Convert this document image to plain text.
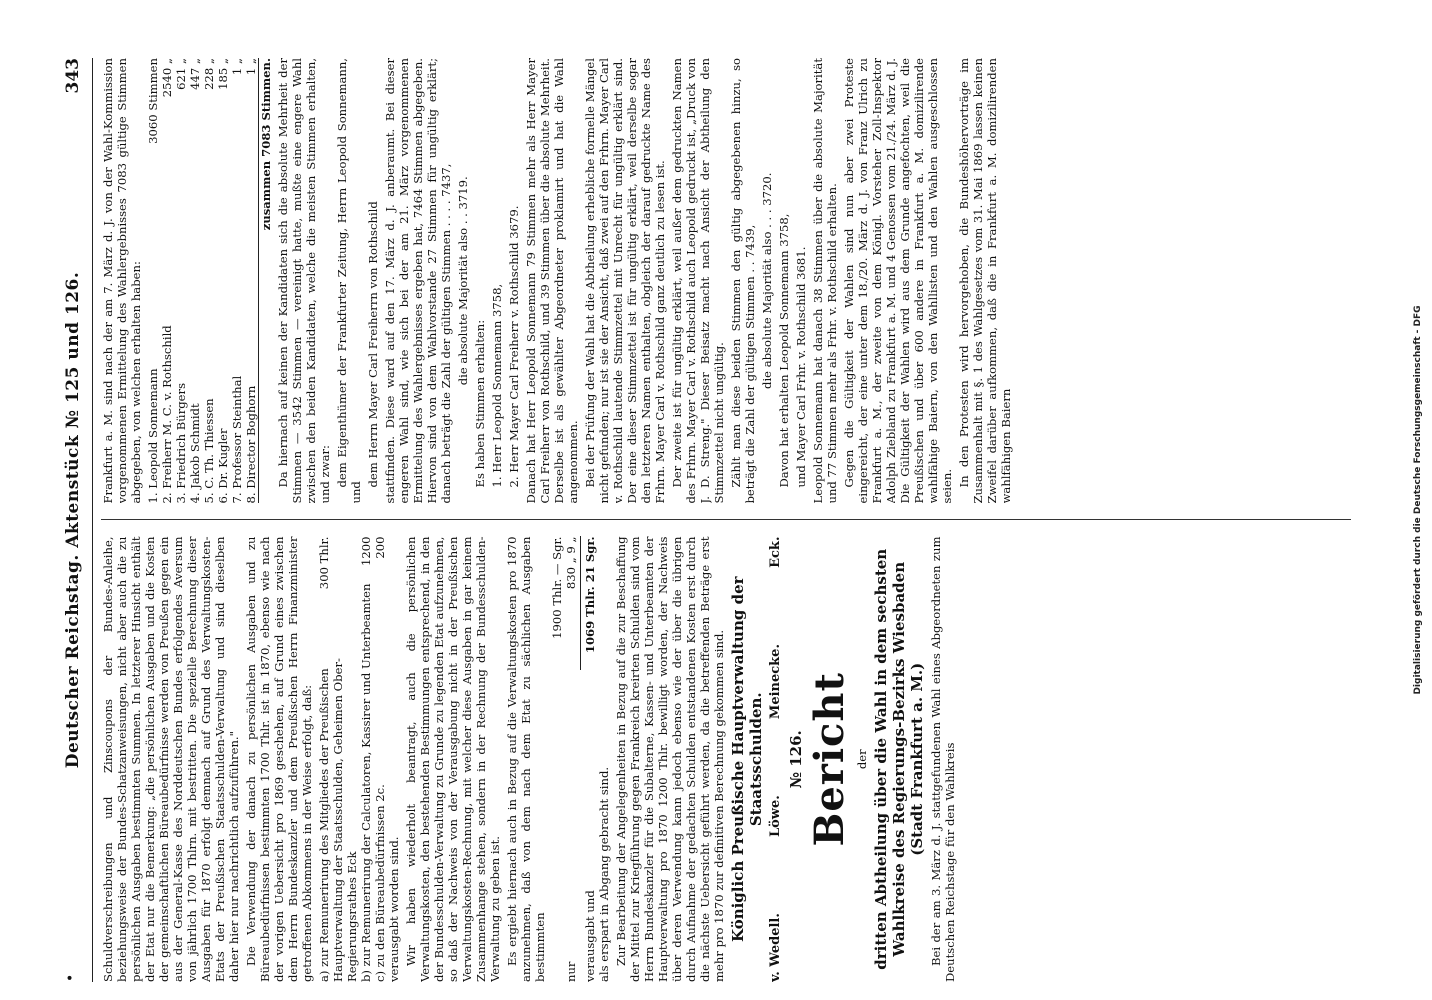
•
Deutscher Reichstag. Aktenstück № 125 und 126.
343

Schuldverschreibungen und Zinscoupons der Bundes-Anleihe, beziehungsweise der Bundes-Schatzanweisungen, nicht aber auch die zu persönlichen Ausgaben bestimmten Summen. In letzterer Hinsicht enthält der Etat nur die Bemerkung: „die persönlichen Ausgaben und die Kosten der gemeinschaftlichen Büreaubedürfnisse werden von Preußen gegen ein aus der General-Kasse des Norddeutschen Bundes erfolgendes Aversum von jährlich 1700 Thlrn. mit bestritten. Die spezielle Berechnung dieser Ausgaben für 1870 erfolgt demnach auf Grund des Verwaltungskosten-Etats der Preußischen Staatsschulden-Verwaltung und sind dieselben daher hier nur nachrichtlich aufzuführen." Die Verwendung der danach zu persönlichen Ausgaben und zu Büreaubedürfnissen bestimmten 1700 Thlr. ist in 1870, ebenso wie nach der vorigen Uebersicht pro 1869 geschehen, auf Grund eines zwischen dem Herrn Bundeskanzler und dem Preußischen Herrn Finanzminister getroffenen Abkommens in der Weise erfolgt, daß: a) zur Remunerirung des Mitgliedes der Preußischen Hauptverwaltung der Staatsschulden, Geheimen Ober-Regierungsrathes Eck
300 Thlr.
b) zur Remunerirung der Calculatoren, Kassirer und Unterbeamten
1200
c) zu den Büreaubedürfnissen 2c.
200

verausgabt worden sind. Wir haben wiederholt beantragt, auch die persönlichen Verwaltungskosten, den bestehenden Bestimmungen entsprechend, in den der Bundesschulden-Verwaltung zu Grunde zu legenden Etat aufzunehmen, so daß der Nachweis von der Verausgabung nicht in der Preußischen Verwaltungskosten-Rechnung, mit welcher diese Ausgaben in gar keinem Zusammenhange stehen, sondern in der Rechnung der Bundesschulden-Verwaltung zu geben ist. Es ergiebt hiernach auch in Bezug auf die Verwaltungskosten pro 1870 anzunehmen, daß von dem nach dem Etat zu sächlichen Ausgaben bestimmten

1900 Thlr. — Sgr.
nur
830 „ 9 „
verausgabt und
1069 Thlr. 21 Sgr.

als erspart in Abgang gebracht sind. Zur Bearbeitung der Angelegenheiten in Bezug auf die zur Beschaffung der Mittel zur Kriegführung gegen Frankreich kreirten Schulden sind vom Herrn Bundeskanzler für die Subalterne, Kassen- und Unterbeamten der Hauptverwaltung pro 1870 1200 Thlr. bewilligt worden, der Nachweis über deren Verwendung kann jedoch ebenso wie der über die übrigen durch Aufnahme der gedachten Schulden entstandenen Kosten erst durch die nächste Uebersicht geführt werden, da die betreffenden Beträge erst mehr pro 1870 zur definitiven Berechnung gekommen sind. Königlich Preußische Hauptverwaltung der Staatsschulden.

v. Wedell.
Löwe.
Meinecke.
Eck.

№ 126. Bericht der dritten Abtheilung über die Wahl in dem sechsten Wahlkreise des Regierungs-Bezirks Wiesbaden (Stadt Frankfurt a. M.) Bei der am 3. März d. J. stattgefundenen Wahl eines Abgeordneten zum Deutschen Reichstage für den Wahlkreis

Frankfurt a. M. sind nach der am 7. März d. J. von der Wahl-Kommission vorgenommenen Ermittelung des Wahlergebnisses 7083 gültige Stimmen abgegeben, von welchen erhalten haben: 1. Leopold Sonnemann	3060 Stimmen
2. Freiherr M. C. v. Rothschild	2540 „
3. Friedrich Bürgers	621 „
4. Jakob Schmidt	447 „
5. C. Th. Thiessen	228 „
6. Dr. Kugler	185 „
7. Professor Steinthal	1 „
8. Director Boghorn	1 „ zusammen 7083 Stimmen. Da hiernach auf keinen der Kandidaten sich die absolute Mehrheit der Stimmen — 3542 Stimmen — vereinigt hatte, mußte eine engere Wahl zwischen den beiden Kandidaten, welche die meisten Stimmen erhalten, und zwar: dem Eigenthümer der Frankfurter Zeitung, Herrn Leopold Sonnemann, und

dem Herrn Mayer Carl Freiherrn von Rothschild stattfinden. Diese ward auf den 17. März d. J. anberaumt. Bei dieser engeren Wahl sind, wie sich bei der am 21. März vorgenommenen Ermittelung des Wahlergebnisses ergeben hat, 7464 Stimmen abgegeben. Hiervon sind von dem Wahlvorstande 27 Stimmen für ungültig erklärt; danach beträgt die Zahl der gültigen Stimmen . . . . 7437, die absolute Majorität also . . 3719.

Es haben Stimmen erhalten: 1. Herr Leopold Sonnemann 3758, 2. Herr Mayer Carl Freiherr v. Rothschild 3679. Danach hat Herr Leopold Sonnemann 79 Stimmen mehr als Herr Mayer Carl Freiherr von Rothschild, und 39 Stimmen über die absolute Mehrheit. Derselbe ist als gewählter Abgeordneter proklamirt und hat die Wahl angenommen. Bei der Prüfung der Wahl hat die Abtheilung erhebliche formelle Mängel nicht gefunden; nur ist sie der Ansicht, daß zwei auf den Frhrn. Mayer Carl v. Rothschild lautende Stimmzettel mit Unrecht für ungültig erklärt sind. Der eine dieser Stimmzettel ist für ungültig erklärt, weil derselbe sogar den letzteren Namen enthalten, obgleich der darauf gedruckte Name des Frhrn. Mayer Carl v. Rothschild ganz deutlich zu lesen ist. Der zweite ist für ungültig erklärt, weil außer dem gedruckten Namen des Frhrn. Mayer Carl v. Rothschild auch Leopold gedruckt ist, „Druck von J. D. Streng." Dieser Beisatz macht nach Ansicht der Abtheilung den Stimmzettel nicht ungültig. Zählt man diese beiden Stimmen den gültig abgegebenen hinzu, so beträgt die Zahl der gültigen Stimmen . . 7439, die absolute Majorität also . . . 3720. Davon hat erhalten Leopold Sonnemann 3758, und Mayer Carl Frhr. v. Rothschild 3681. Leopold Sonnemann hat danach 38 Stimmen über die absolute Majorität und 77 Stimmen mehr als Frhr. v. Rothschild erhalten. Gegen die Gültigkeit der Wahlen sind nun aber zwei Proteste eingereicht, der eine unter dem 18./20. März d. J. von Franz Ulrich zu Frankfurt a. M., der zweite von dem Königl. Vorsteher Zoll-Inspektor Adolph Ziebland zu Frankfurt a. M. und 4 Genossen vom 21./24. März d. J. Die Gültigkeit der Wahlen wird aus dem Grunde angefochten, weil die Preußischen und über 600 andere in Frankfurt a. M. domizilirende wahlfähige Baiern, von den Wahllisten und den Wahlen ausgeschlossen seien. In den Protesten wird hervorgehoben, die Bundeshöhervorträge im Zusammenhalt mit §. 1 des Wahlgesetzes vom 31. Mai 1869 lassen keinen Zweifel darüber aufkommen, daß die in Frankfurt a. M. domizilirenden wahlfähigen Baiern	Digitalisierung gefördert durch die Deutsche Forschungsgemeinschaft - DFG
